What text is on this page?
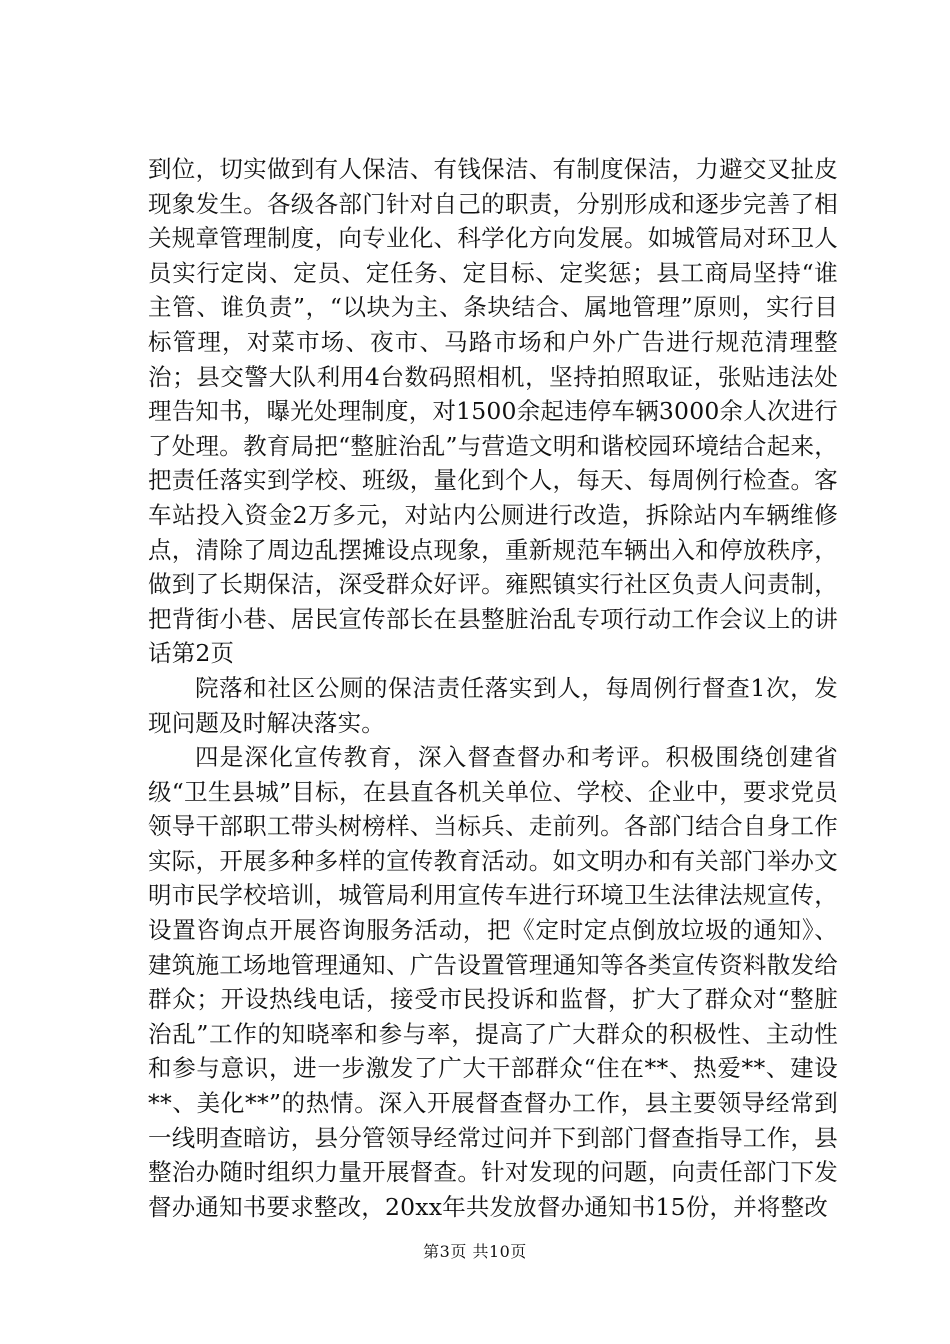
到位，切实做到有人保洁、有钱保洁、有制度保洁，力避交叉扯皮现象发生。各级各部门针对自己的职责，分别形成和逐步完善了相关规章管理制度，向专业化、科学化方向发展。如城管局对环卫人员实行定岗、定员、定任务、定目标、定奖惩；县工商局坚持“谁主管、谁负责”，“以块为主、条块结合、属地管理”原则，实行目标管理，对菜市场、夜市、马路市场和户外广告进行规范清理整治；县交警大队利用4台数码照相机，坚持拍照取证，张贴违法处理告知书，曝光处理制度，对1500余起违停车辆3000余人次进行了处理。教育局把“整脏治乱”与营造文明和谐校园环境结合起来，把责任落实到学校、班级，量化到个人，每天、每周例行检查。客车站投入资金2万多元，对站内公厕进行改造，拆除站内车辆维修点，清除了周边乱摆摊设点现象，重新规范车辆出入和停放秩序，做到了长期保洁，深受群众好评。雍熙镇实行社区负责人问责制，把背街小巷、居民宣传部长在县整脏治乱专项行动工作会议上的讲话第2页

院落和社区公厕的保洁责任落实到人，每周例行督查1次，发现问题及时解决落实。

四是深化宣传教育，深入督查督办和考评。积极围绕创建省级“卫生县城”目标，在县直各机关单位、学校、企业中，要求党员领导干部职工带头树榜样、当标兵、走前列。各部门结合自身工作实际，开展多种多样的宣传教育活动。如文明办和有关部门举办文明市民学校培训，城管局利用宣传车进行环境卫生法律法规宣传，设置咨询点开展咨询服务活动，把《定时定点倒放垃圾的通知》、建筑施工场地管理通知、广告设置管理通知等各类宣传资料散发给群众；开设热线电话，接受市民投诉和监督，扩大了群众对“整脏治乱”工作的知晓率和参与率，提高了广大群众的积极性、主动性和参与意识，进一步激发了广大干部群众“住在**、热爱**、建设**、美化**”的热情。深入开展督查督办工作，县主要领导经常到一线明查暗访，县分管领导经常过问并下到部门督查指导工作，县整治办随时组织力量开展督查。针对发现的问题，向责任部门下发督办通知书要求整改，20xx年共发放督办通知书15份，并将整改

第3页 共10页
